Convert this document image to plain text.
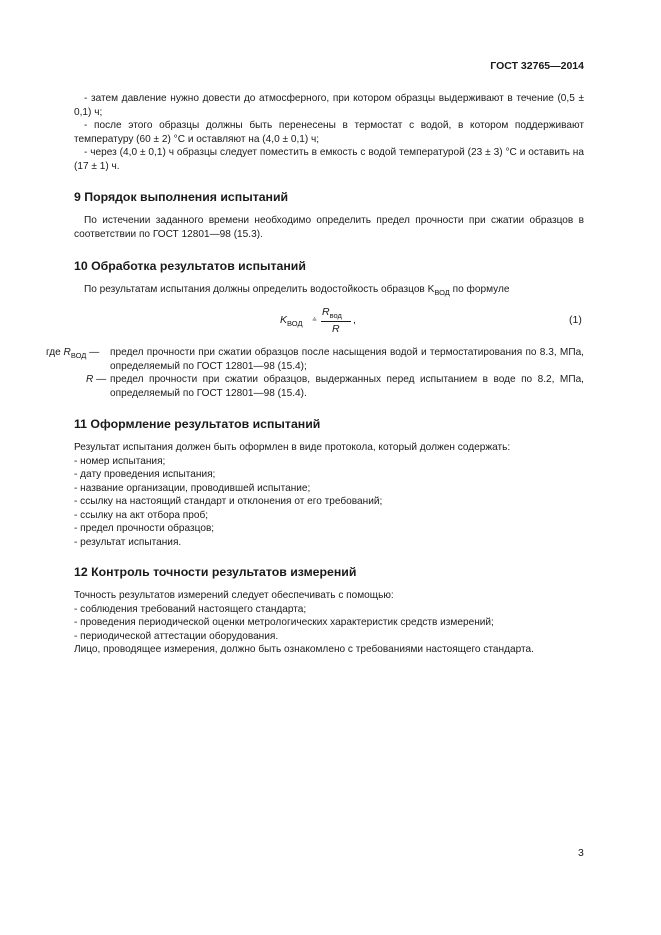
ГОСТ 32765—2014
- затем давление нужно довести до атмосферного, при котором образцы выдерживают в течение (0,5 ± 0,1) ч;
- после этого образцы должны быть перенесены в термостат с водой, в котором поддерживают температуру (60 ± 2) °С и оставляют на (4,0 ± 0,1) ч;
- через (4,0 ± 0,1) ч образцы следует поместить в емкость с водой температурой (23 ± 3) °С и оставить на (17 ± 1) ч.
9 Порядок выполнения испытаний
По истечении заданного времени необходимо определить предел прочности при сжатии образцов в соответствии по ГОСТ 12801—98 (15.3).
10 Обработка результатов испытаний
По результатам испытания должны определить водостойкость образцов $K_{ВОД}$ по формуле
$K_{ВОД}$ ≙
$R_{вод}$
R
,	(1)
где $R_{ВОД}$ — предел прочности при сжатии образцов после насыщения водой и термостатирования по 8.3, МПа, определяемый по ГОСТ 12801—98 (15.4);
R — предел прочности при сжатии образцов, выдержанных перед испытанием в воде по 8.2, МПа, определяемый по ГОСТ 12801—98 (15.4).
11 Оформление результатов испытаний
Результат испытания должен быть оформлен в виде протокола, который должен содержать:
- номер испытания;
- дату проведения испытания;
- название организации, проводившей испытание;
- ссылку на настоящий стандарт и отклонения от его требований;
- ссылку на акт отбора проб;
- предел прочности образцов;
- результат испытания.
12 Контроль точности результатов измерений
Точность результатов измерений следует обеспечивать с помощью:
- соблюдения требований настоящего стандарта;
- проведения периодической оценки метрологических характеристик средств измерений;
- периодической аттестации оборудования.
Лицо, проводящее измерения, должно быть ознакомлено с требованиями настоящего стандарта.
3
